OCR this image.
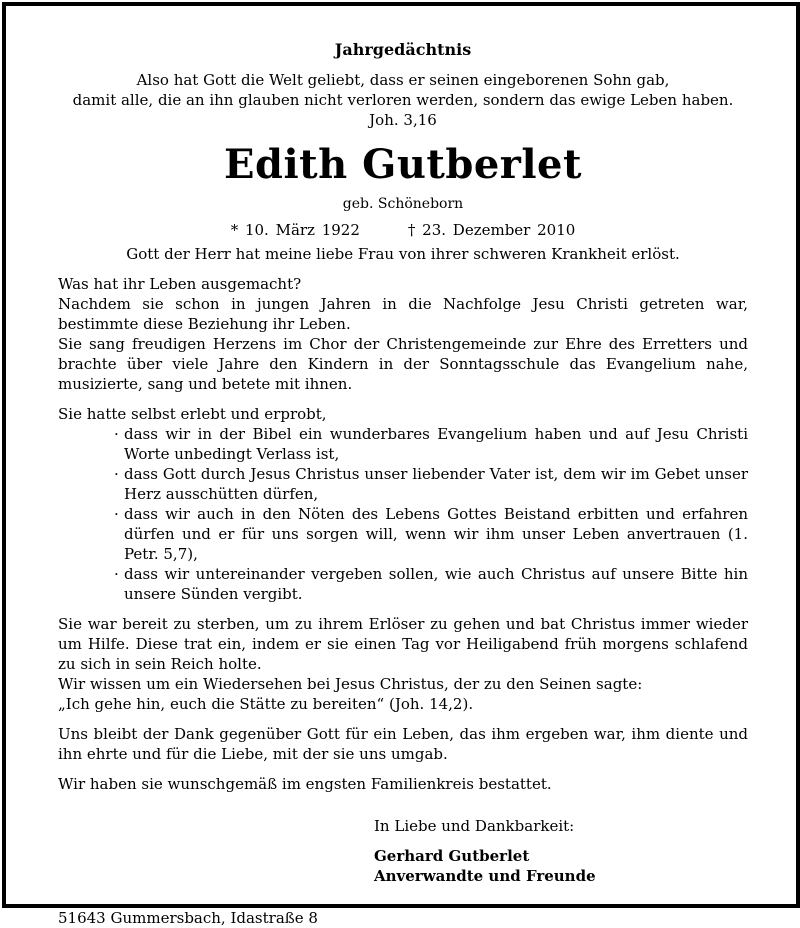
Jahrgedächtnis
Also hat Gott die Welt geliebt, dass er seinen eingeborenen Sohn gab,
damit alle, die an ihn glauben nicht verloren werden, sondern das ewige Leben haben.
Joh. 3,16
Edith Gutberlet
geb. Schöneborn
* 10. März 1922	† 23. Dezember 2010
Gott der Herr hat meine liebe Frau von ihrer schweren Krankheit erlöst.
Was hat ihr Leben ausgemacht?
Nachdem sie schon in jungen Jahren in die Nachfolge Jesu Christi getreten war, bestimmte diese Beziehung ihr Leben.
Sie sang freudigen Herzens im Chor der Christengemeinde zur Ehre des Erretters und brachte über viele Jahre den Kindern in der Sonntagsschule das Evangelium nahe, musizierte, sang und betete mit ihnen.
Sie hatte selbst erlebt und erprobt,
· dass wir in der Bibel ein wunderbares Evangelium haben und auf Jesu Christi Worte unbedingt Verlass ist,
· dass Gott durch Jesus Christus unser liebender Vater ist, dem wir im Gebet unser Herz ausschütten dürfen,
· dass wir auch in den Nöten des Lebens Gottes Beistand erbitten und erfahren dürfen und er für uns sorgen will, wenn wir ihm unser Leben anvertrauen (1. Petr. 5,7),
· dass wir untereinander vergeben sollen, wie auch Christus auf unsere Bitte hin unsere Sünden vergibt.
Sie war bereit zu sterben, um zu ihrem Erlöser zu gehen und bat Christus immer wieder um Hilfe. Diese trat ein, indem er sie einen Tag vor Heiligabend früh morgens schlafend zu sich in sein Reich holte.
Wir wissen um ein Wiedersehen bei Jesus Christus, der zu den Seinen sagte:
„Ich gehe hin, euch die Stätte zu bereiten“ (Joh. 14,2).
Uns bleibt der Dank gegenüber Gott für ein Leben, das ihm ergeben war, ihm diente und ihn ehrte und für die Liebe, mit der sie uns umgab.
Wir haben sie wunschgemäß im engsten Familienkreis bestattet.
In Liebe und Dankbarkeit:
Gerhard Gutberlet
Anverwandte und Freunde
51643 Gummersbach, Idastraße 8
